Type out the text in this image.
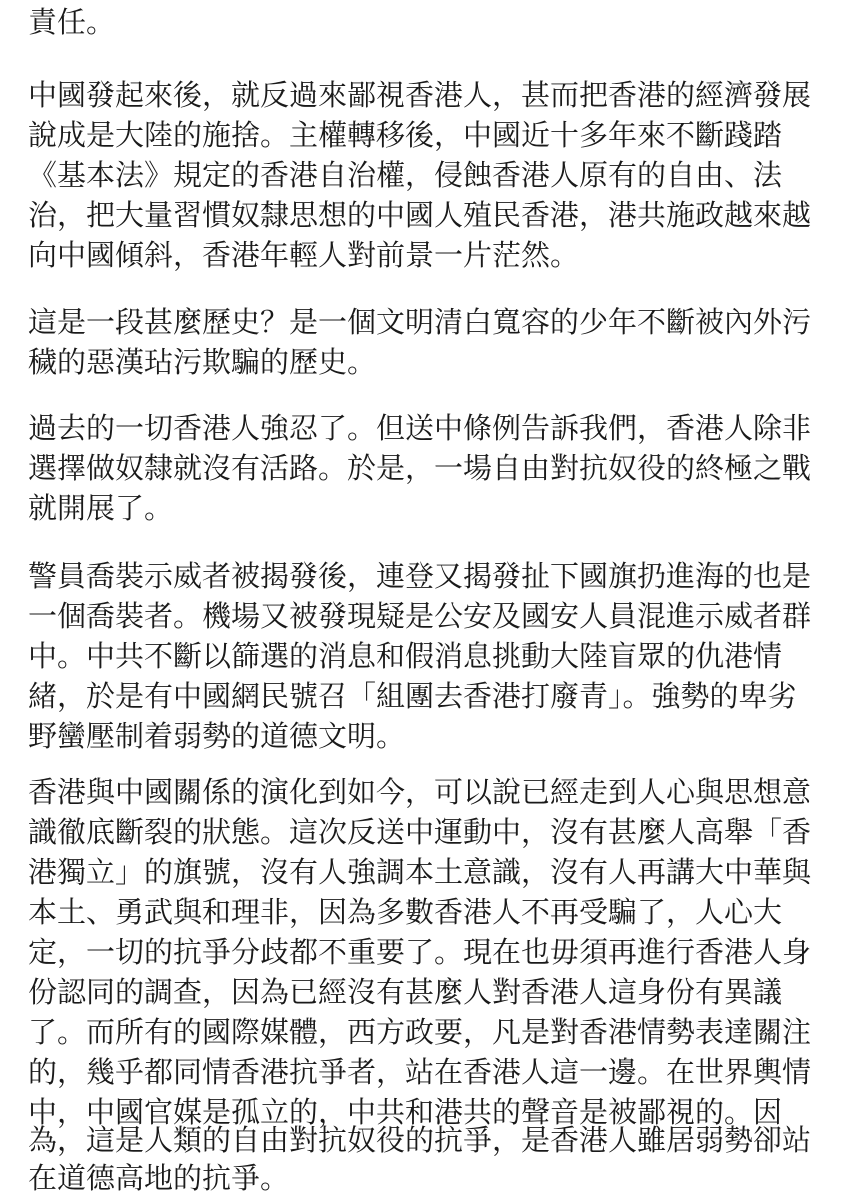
責任。
中國發起來後，就反過來鄙視香港人，甚而把香港的經濟發展
說成是大陸的施捨。主權轉移後，中國近十多年來不斷踐踏
《基本法》規定的香港自治權，侵蝕香港人原有的自由、法
治，把大量習慣奴隸思想的中國人殖民香港，港共施政越來越
向中國傾斜，香港年輕人對前景一片茫然。
這是一段甚麼歷史？是一個文明清白寬容的少年不斷被內外污
穢的惡漢玷污欺騙的歷史。
過去的一切香港人強忍了。但送中條例告訴我們，香港人除非
選擇做奴隸就沒有活路。於是，一場自由對抗奴役的終極之戰
就開展了。
警員喬裝示威者被揭發後，連登又揭發扯下國旗扔進海的也是
一個喬裝者。機場又被發現疑是公安及國安人員混進示威者群
中。中共不斷以篩選的消息和假消息挑動大陸盲眾的仇港情
緒，於是有中國網民號召「組團去香港打廢青」。強勢的卑劣
野蠻壓制着弱勢的道德文明。
香港與中國關係的演化到如今，可以說已經走到人心與思想意
識徹底斷裂的狀態。這次反送中運動中，沒有甚麼人高舉「香
港獨立」的旗號，沒有人強調本土意識，沒有人再講大中華與
本土、勇武與和理非，因為多數香港人不再受騙了，人心大
定，一切的抗爭分歧都不重要了。現在也毋須再進行香港人身
份認同的調查，因為已經沒有甚麼人對香港人這身份有異議
了。而所有的國際媒體，西方政要，凡是對香港情勢表達關注
的，幾乎都同情香港抗爭者，站在香港人這一邊。在世界輿情
中，中國官媒是孤立的，中共和港共的聲音是被鄙視的。因
為，這是人類的自由對抗奴役的抗爭，是香港人雖居弱勢卻站
在道德高地的抗爭。
